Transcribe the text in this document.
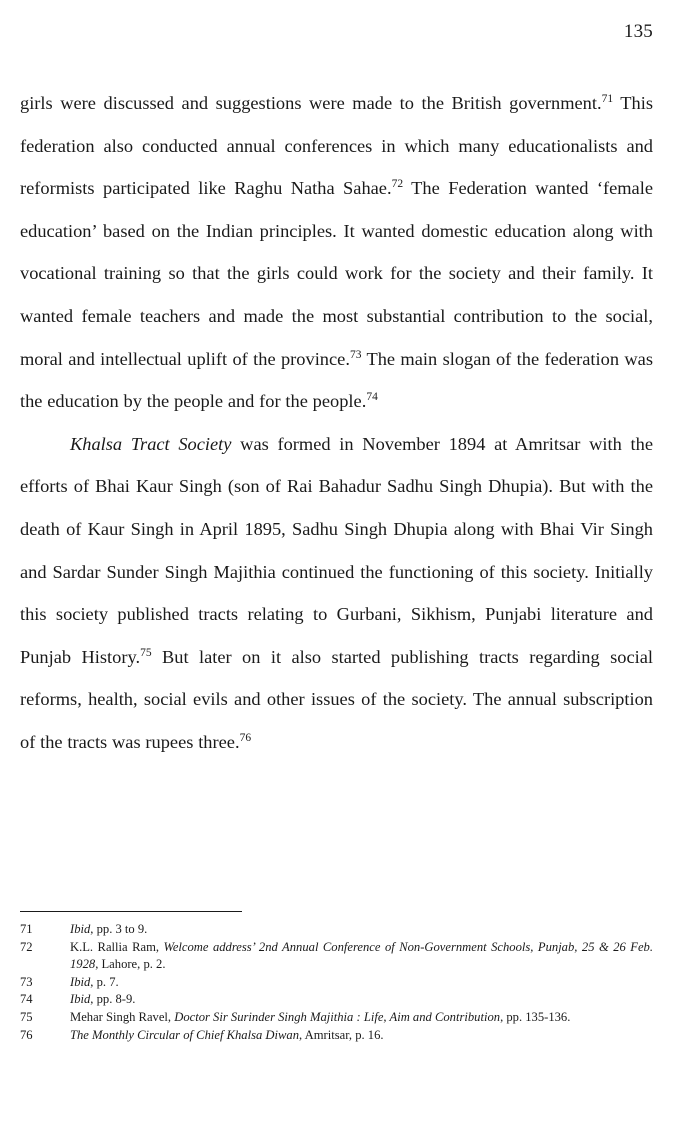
135

girls were discussed and suggestions were made to the British government.$^{71}$ This federation also conducted annual conferences in which many educationalists and reformists participated like Raghu Natha Sahae.$^{72}$ The Federation wanted ‘female education’ based on the Indian principles. It wanted domestic education along with vocational training so that the girls could work for the society and their family. It wanted female teachers and made the most substantial contribution to the social, moral and intellectual uplift of the province.$^{73}$ The main slogan of the federation was the education by the people and for the people.$^{74}$

Khalsa Tract Society was formed in November 1894 at Amritsar with the efforts of Bhai Kaur Singh (son of Rai Bahadur Sadhu Singh Dhupia). But with the death of Kaur Singh in April 1895, Sadhu Singh Dhupia along with Bhai Vir Singh and Sardar Sunder Singh Majithia continued the functioning of this society. Initially this society published tracts relating to Gurbani, Sikhism, Punjabi literature and Punjab History.$^{75}$ But later on it also started publishing tracts regarding social reforms, health, social evils and other issues of the society. The annual subscription of the tracts was rupees three.$^{76}$

71	Ibid, pp. 3 to 9.
72	K.L. Rallia Ram, Welcome address’ 2nd Annual Conference of Non-Government Schools, Punjab, 25 & 26 Feb. 1928, Lahore, p. 2.
73	Ibid, p. 7.
74	Ibid, pp. 8-9.
75	Mehar Singh Ravel, Doctor Sir Surinder Singh Majithia : Life, Aim and Contribution, pp. 135-136.
76	The Monthly Circular of Chief Khalsa Diwan, Amritsar, p. 16.
